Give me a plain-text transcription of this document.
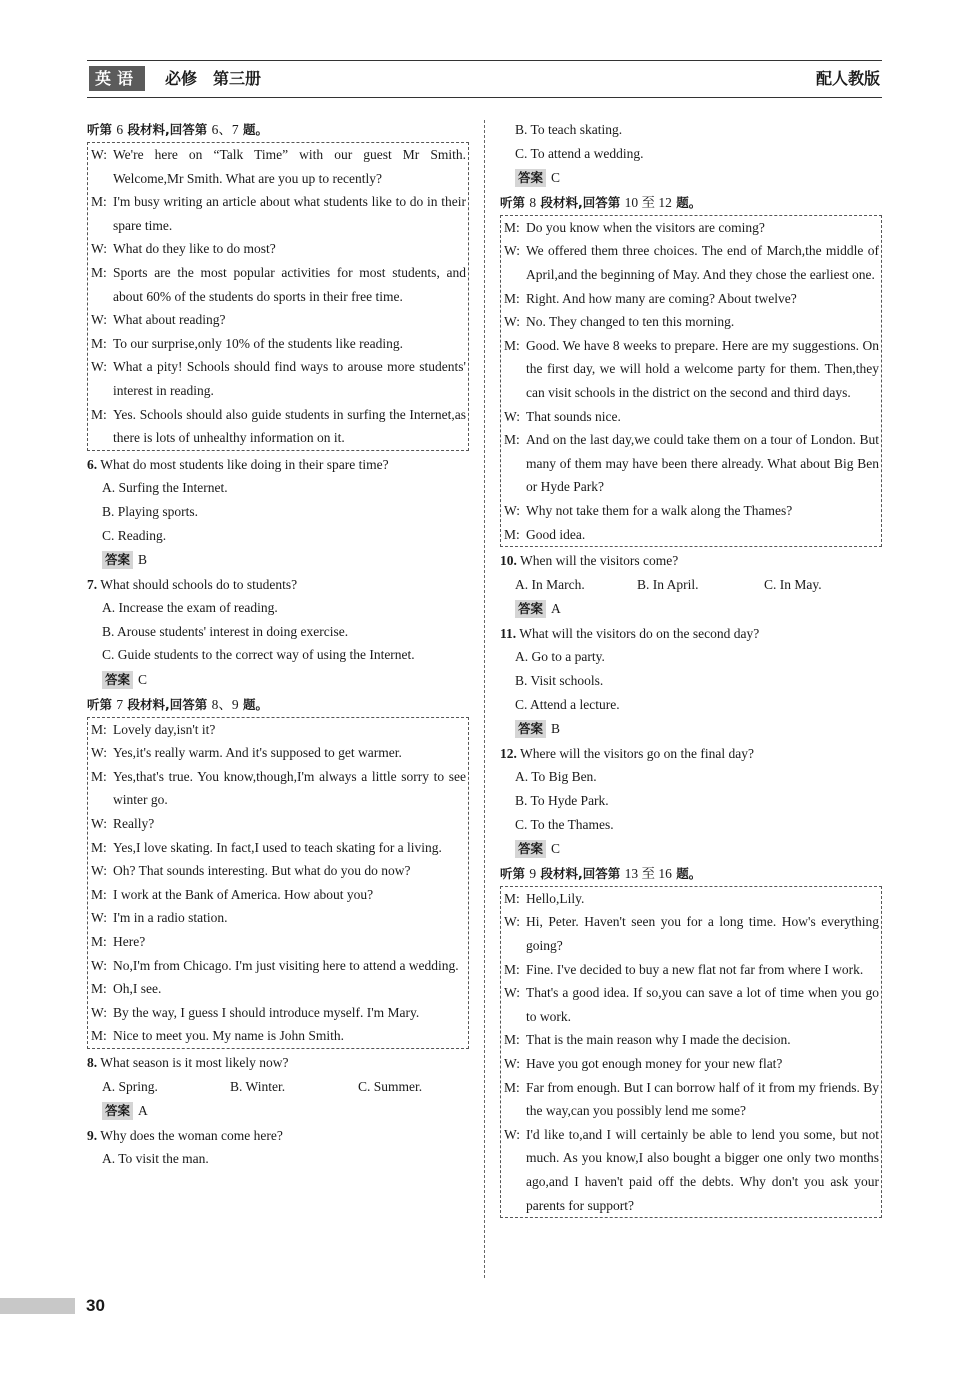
英语	必修　第三册	配人教版
听第 6 段材料,回答第 6、7 题。
W: We're here on “Talk Time” with our guest Mr Smith. Welcome,Mr Smith. What are you up to recently?
M: I'm busy writing an article about what students like to do in their spare time.
W: What do they like to do most?
M: Sports are the most popular activities for most students, and about 60% of the students do sports in their free time.
W: What about reading?
M: To our surprise,only 10% of the students like reading.
W: What a pity! Schools should find ways to arouse more students' interest in reading.
M: Yes. Schools should also guide students in surfing the Internet,as there is lots of unhealthy information on it.
6. What do most students like doing in their spare time?
A. Surfing the Internet.
B. Playing sports.
C. Reading.
答案 B
7. What should schools do to students?
A. Increase the exam of reading.
B. Arouse students' interest in doing exercise.
C. Guide students to the correct way of using the Internet.
答案 C
听第 7 段材料,回答第 8、9 题。
M: Lovely day,isn't it?
W: Yes,it's really warm. And it's supposed to get warmer.
M: Yes,that's true. You know,though,I'm always a little sorry to see winter go.
W: Really?
M: Yes,I love skating. In fact,I used to teach skating for a living.
W: Oh? That sounds interesting. But what do you do now?
M: I work at the Bank of America. How about you?
W: I'm in a radio station.
M: Here?
W: No,I'm from Chicago. I'm just visiting here to attend a wedding.
M: Oh,I see.
W: By the way, I guess I should introduce myself. I'm Mary.
M: Nice to meet you. My name is John Smith.
8. What season is it most likely now?
A. Spring.	B. Winter.	C. Summer.
答案 A
9. Why does the woman come here?
A. To visit the man.
B. To teach skating.
C. To attend a wedding.
答案 C
听第 8 段材料,回答第 10 至 12 题。
M: Do you know when the visitors are coming?
W: We offered them three choices. The end of March,the middle of April,and the beginning of May. And they chose the earliest one.
M: Right. And how many are coming? About twelve?
W: No. They changed to ten this morning.
M: Good. We have 8 weeks to prepare. Here are my suggestions. On the first day, we will hold a welcome party for them. Then,they can visit schools in the district on the second and third days.
W: That sounds nice.
M: And on the last day,we could take them on a tour of London. But many of them may have been there already. What about Big Ben or Hyde Park?
W: Why not take them for a walk along the Thames?
M: Good idea.
10. When will the visitors come?
A. In March.	B. In April.	C. In May.
答案 A
11. What will the visitors do on the second day?
A. Go to a party.
B. Visit schools.
C. Attend a lecture.
答案 B
12. Where will the visitors go on the final day?
A. To Big Ben.
B. To Hyde Park.
C. To the Thames.
答案 C
听第 9 段材料,回答第 13 至 16 题。
M: Hello,Lily.
W: Hi, Peter. Haven't seen you for a long time. How's everything going?
M: Fine. I've decided to buy a new flat not far from where I work.
W: That's a good idea. If so,you can save a lot of time when you go to work.
M: That is the main reason why I made the decision.
W: Have you got enough money for your new flat?
M: Far from enough. But I can borrow half of it from my friends. By the way,can you possibly lend me some?
W: I'd like to,and I will certainly be able to lend you some, but not much. As you know,I also bought a bigger one only two months ago,and I haven't paid off the debts. Why don't you ask your parents for support?
30
